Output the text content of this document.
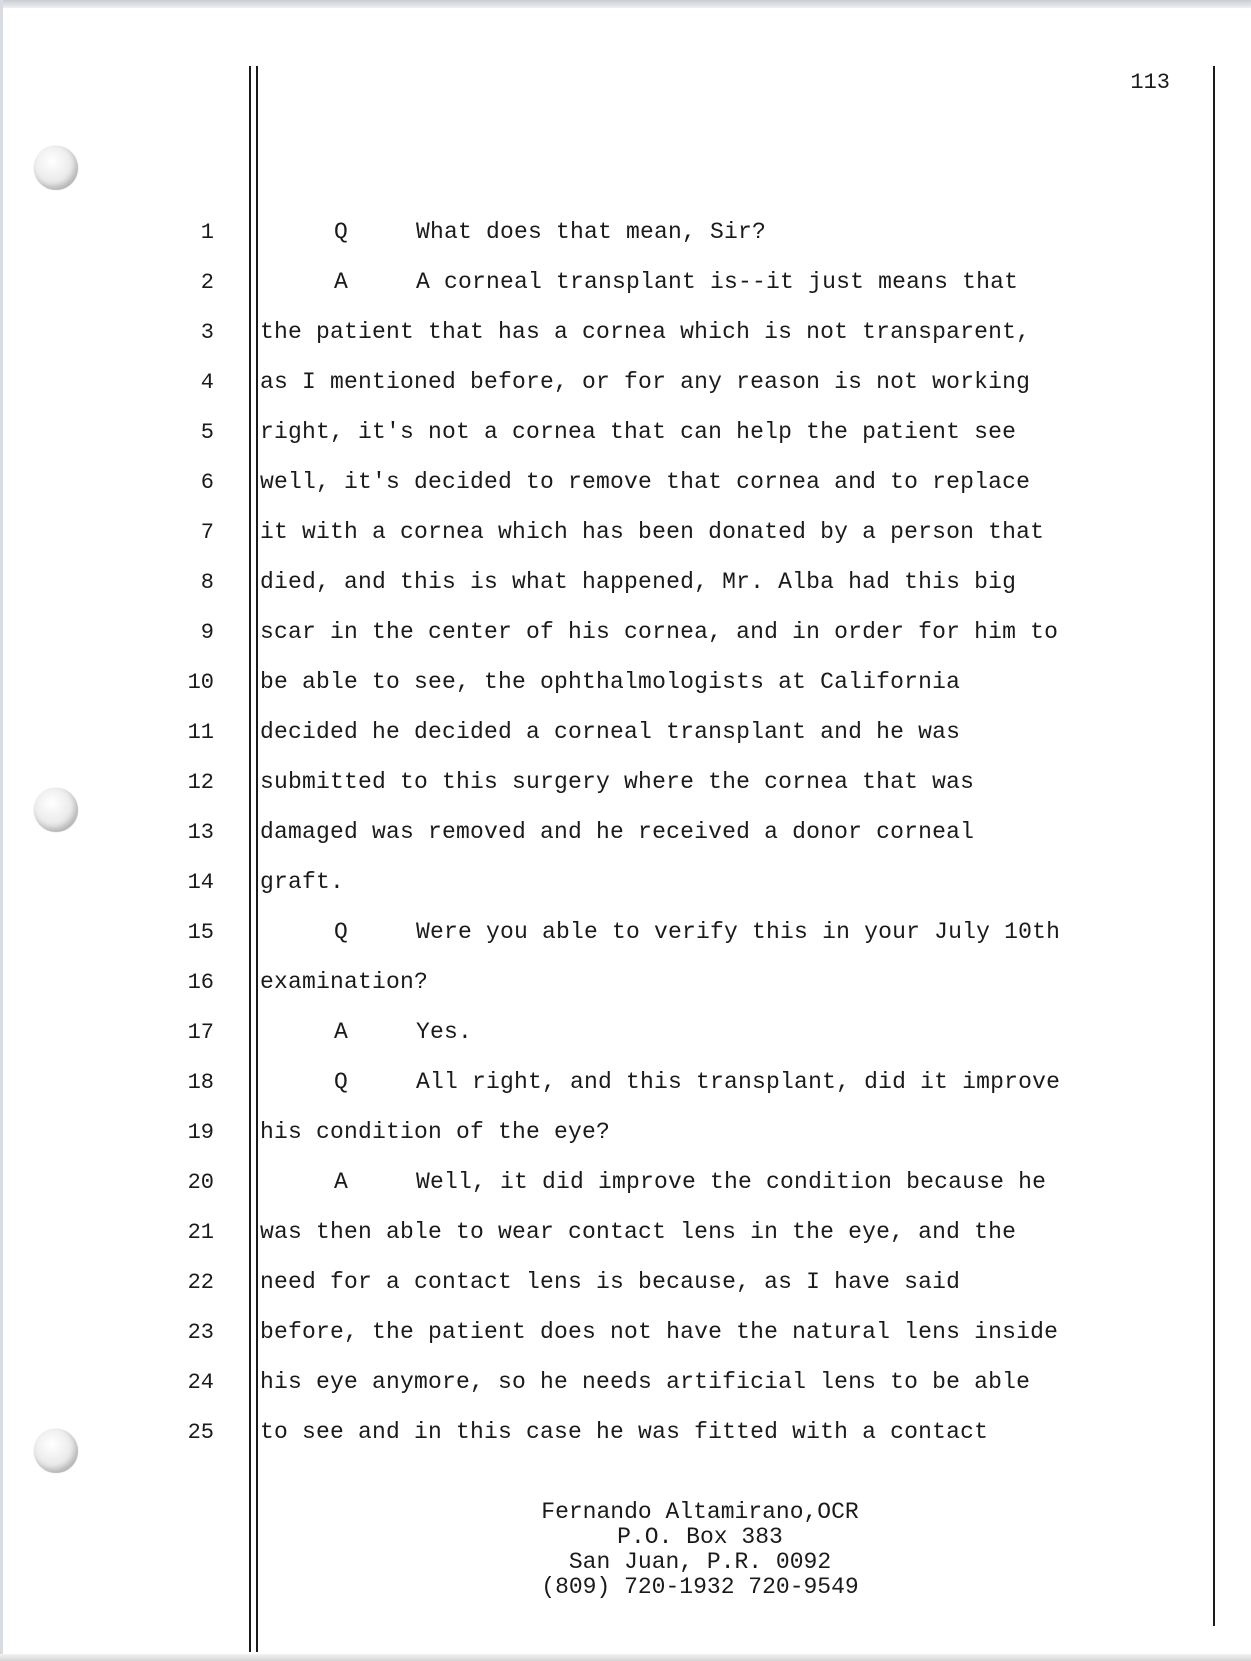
113
1	Q	What does that mean, Sir?
2	A	A corneal transplant is--it just means that
3 the patient that has a cornea which is not transparent,
4 as I mentioned before, or for any reason is not working
5 right, it's not a cornea that can help the patient see
6 well, it's decided to remove that cornea and to replace
7 it with a cornea which has been donated by a person that
8 died, and this is what happened, Mr. Alba had this big
9 scar in the center of his cornea, and in order for him to
10 be able to see, the ophthalmologists at California
11 decided he decided a corneal transplant and he was
12 submitted to this surgery where the cornea that was
13 damaged was removed and he received a donor corneal
14 graft.
15	Q	Were you able to verify this in your July 10th
16 examination?
17	A	Yes.
18	Q	All right, and this transplant, did it improve
19 his condition of the eye?
20	A	Well, it did improve the condition because he
21 was then able to wear contact lens in the eye, and the
22 need for a contact lens is because, as I have said
23 before, the patient does not have the natural lens inside
24 his eye anymore, so he needs artificial lens to be able
25 to see and in this case he was fitted with a contact
Fernando Altamirano,OCR
P.O. Box 383
San Juan, P.R. 0092
(809) 720-1932 720-9549
